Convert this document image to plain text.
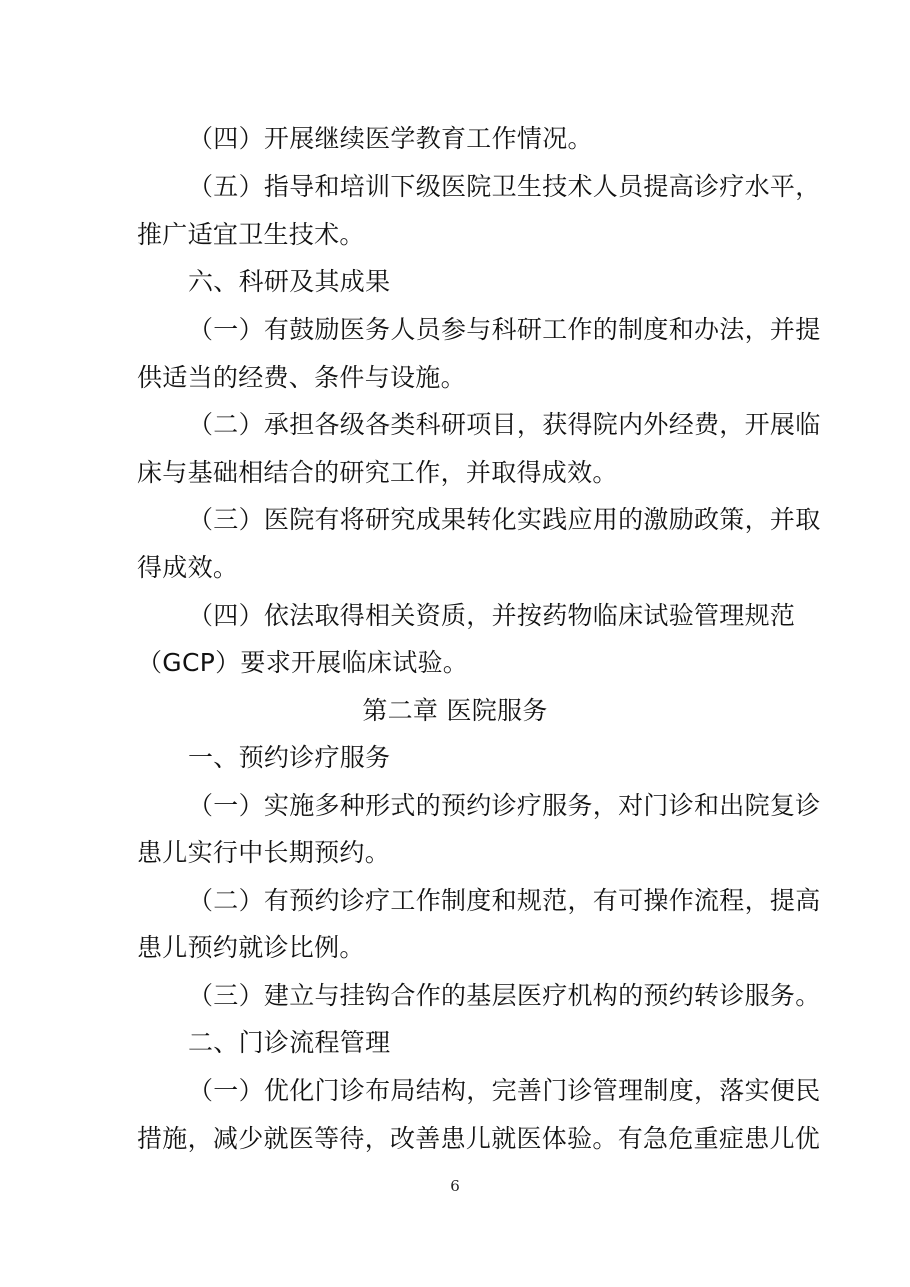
（四）开展继续医学教育工作情况。
（五）指导和培训下级医院卫生技术人员提高诊疗水平，
推广适宜卫生技术。
六、科研及其成果
（一）有鼓励医务人员参与科研工作的制度和办法，并提
供适当的经费、条件与设施。
（二）承担各级各类科研项目，获得院内外经费，开展临
床与基础相结合的研究工作，并取得成效。
（三）医院有将研究成果转化实践应用的激励政策，并取
得成效。
（四）依法取得相关资质，并按药物临床试验管理规范
（GCP）要求开展临床试验。
第二章 医院服务
一、预约诊疗服务
（一）实施多种形式的预约诊疗服务，对门诊和出院复诊
患儿实行中长期预约。
（二）有预约诊疗工作制度和规范，有可操作流程，提高
患儿预约就诊比例。
（三）建立与挂钩合作的基层医疗机构的预约转诊服务。
二、门诊流程管理
（一）优化门诊布局结构，完善门诊管理制度，落实便民
措施，减少就医等待，改善患儿就医体验。有急危重症患儿优
6
